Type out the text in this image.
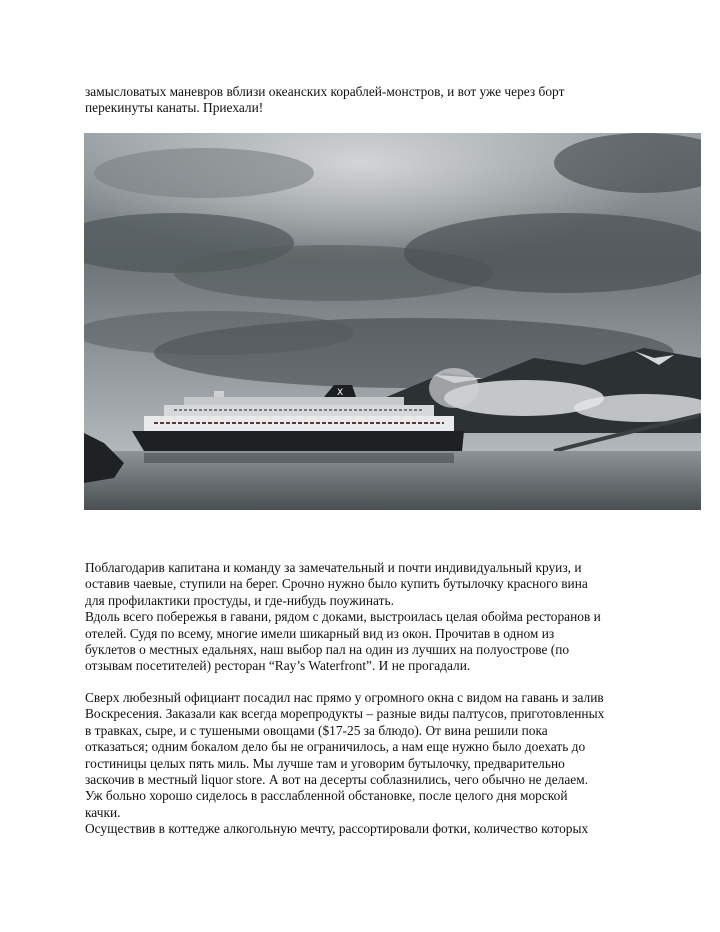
замысловатых маневров вблизи океанских кораблей-монстров, и вот уже через борт
перекинуты канаты. Приехали!
X
Поблагодарив капитана и команду за замечательный и почти индивидуальный круиз, и
оставив чаевые, ступили на берег. Срочно нужно было купить бутылочку красного вина
для профилактики простуды, и где-нибудь поужинать.
Вдоль всего побережья в гавани, рядом с доками, выстроилась целая обойма ресторанов и
отелей. Судя по всему, многие имели шикарный вид из окон. Прочитав в одном из
буклетов о местных едальнях, наш выбор пал на один из лучших на полуострове (по
отзывам посетителей) ресторан “Ray’s Waterfront”. И не прогадали.
Сверх любезный официант посадил нас прямо у огромного окна с видом на гавань и залив
Воскресения. Заказали как всегда морепродукты – разные виды палтусов, приготовленных
в травках, сыре, и с тушеными овощами ($17-25 за блюдо). От вина решили пока
отказаться; одним бокалом дело бы не ограничилось, а нам еще нужно было доехать до
гостиницы целых пять миль. Мы лучше там и уговорим бутылочку, предварительно
заскочив в местный liquor store. А вот на десерты соблазнились, чего обычно не делаем.
Уж больно хорошо сиделось в расслабленной обстановке, после целого дня морской
качки.
Осуществив в коттедже алкогольную мечту, рассортировали фотки, количество которых
